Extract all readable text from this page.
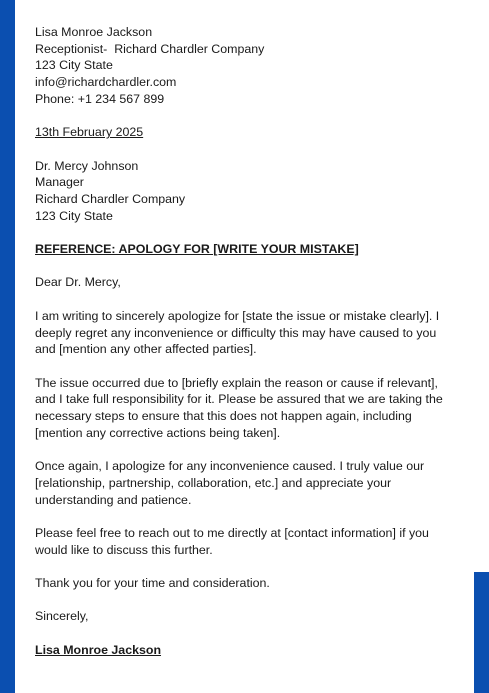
Lisa Monroe Jackson

Receptionist-  Richard Chardler Company

123 City State

info@richardchardler.com

Phone: +1 234 567 899

13th February 2025

Dr. Mercy Johnson

Manager

Richard Chardler Company

123 City State

REFERENCE: APOLOGY FOR [WRITE YOUR MISTAKE]

Dear Dr. Mercy,

I am writing to sincerely apologize for [state the issue or mistake clearly]. I deeply regret any inconvenience or difficulty this may have caused to you and [mention any other affected parties].

The issue occurred due to [briefly explain the reason or cause if relevant], and I take full responsibility for it. Please be assured that we are taking the necessary steps to ensure that this does not happen again, including [mention any corrective actions being taken].

Once again, I apologize for any inconvenience caused. I truly value our [relationship, partnership, collaboration, etc.] and appreciate your understanding and patience.

Please feel free to reach out to me directly at [contact information] if you would like to discuss this further.

Thank you for your time and consideration.

Sincerely,

Lisa Monroe Jackson
